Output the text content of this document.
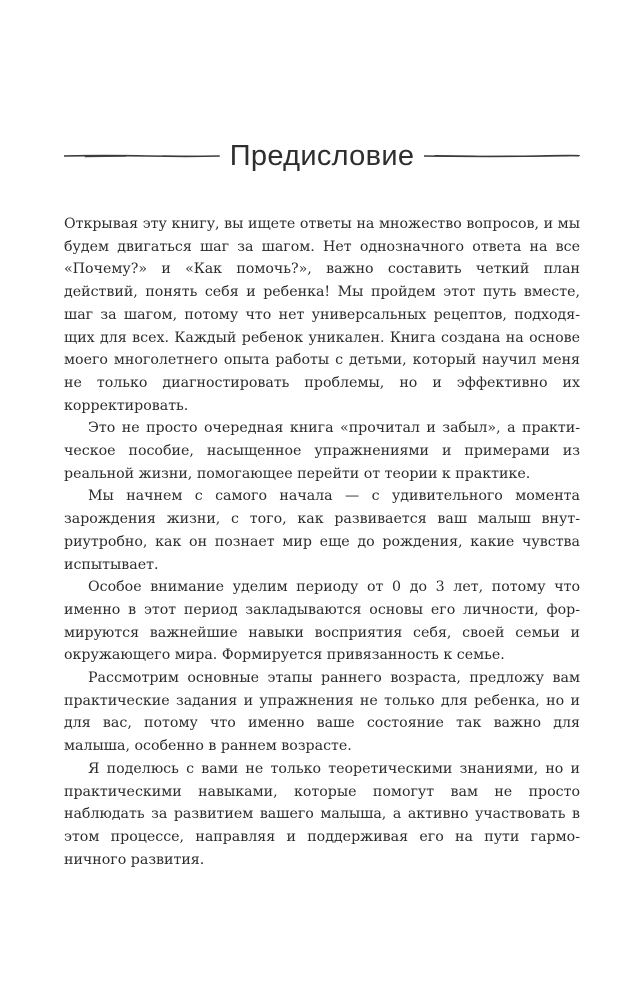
Предисловие

Открывая эту книгу, вы ищете ответы на множество вопросов, и мы будем двигаться шаг за шагом. Нет однозначного ответа на все «Почему?» и «Как помочь?», важно составить четкий план действий, понять себя и ребенка! Мы пройдем этот путь вместе, шаг за шагом, потому что нет универсальных рецептов, подходящих для всех. Каждый ребенок уникален. Книга создана на основе моего многолетнего опыта работы с детьми, который научил меня не только диагностировать проблемы, но и эффективно их корректировать.

Это не просто очередная книга «прочитал и забыл», а практическое пособие, насыщенное упражнениями и примерами из реальной жизни, помогающее перейти от теории к практике.

Мы начнем с самого начала — с удивительного момента зарождения жизни, с того, как развивается ваш малыш внутриутробно, как он познает мир еще до рождения, какие чувства испытывает.

Особое внимание уделим периоду от 0 до 3 лет, потому что именно в этот период закладываются основы его личности, формируются важнейшие навыки восприятия себя, своей семьи и окружающего мира. Формируется привязанность к семье.

Рассмотрим основные этапы раннего возраста, предложу вам практические задания и упражнения не только для ребенка, но и для вас, потому что именно ваше состояние так важно для малыша, особенно в раннем возрасте.

Я поделюсь с вами не только теоретическими знаниями, но и практическими навыками, которые помогут вам не просто наблюдать за развитием вашего малыша, а активно участвовать в этом процессе, направляя и поддерживая его на пути гармоничного развития.
